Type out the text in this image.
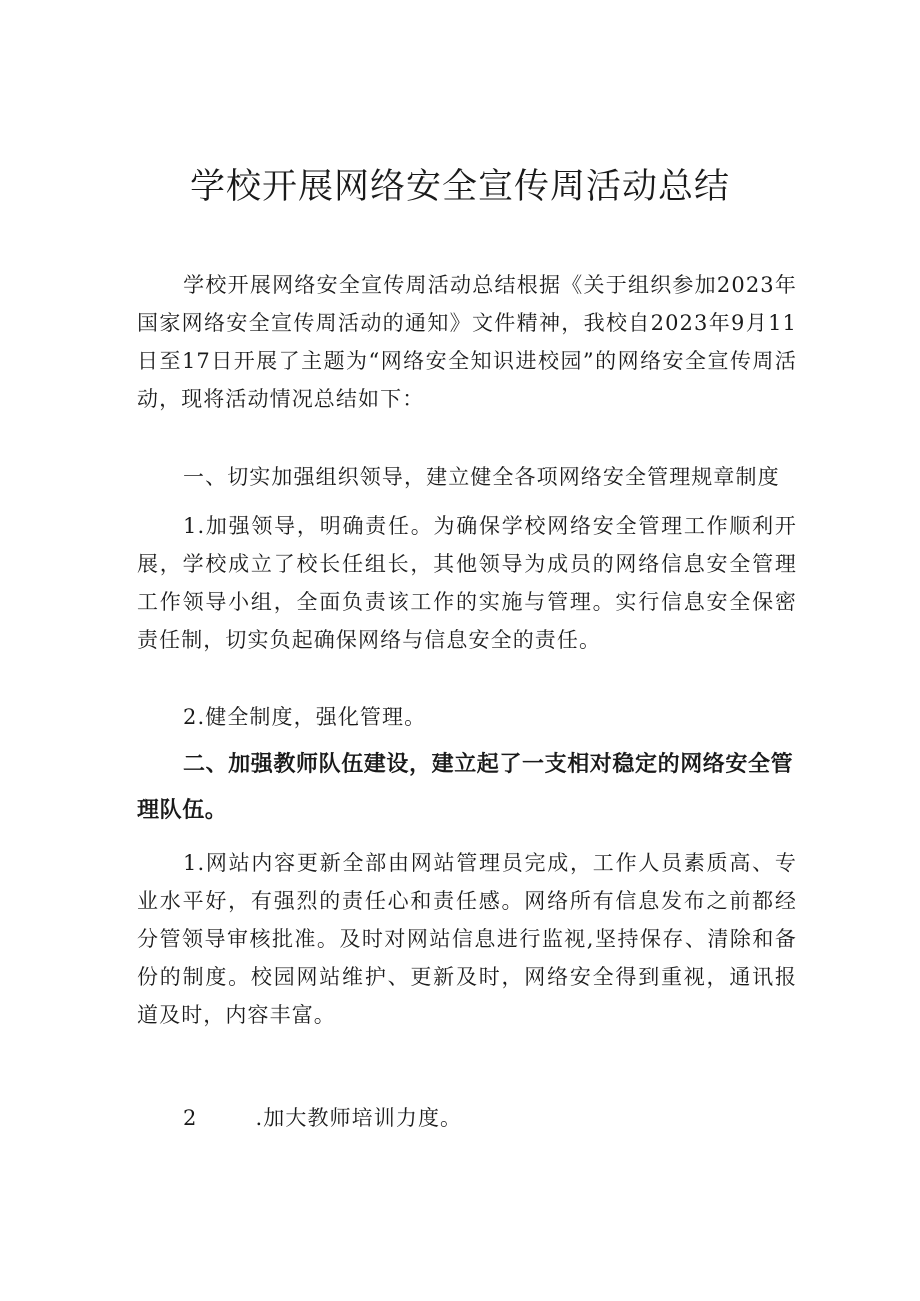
学校开展网络安全宣传周活动总结

学校开展网络安全宣传周活动总结根据《关于组织参加2023年国家网络安全宣传周活动的通知》文件精神，我校自2023年9月11日至17日开展了主题为“网络安全知识进校园”的网络安全宣传周活动，现将活动情况总结如下：

一、切实加强组织领导，建立健全各项网络安全管理规章制度

1.加强领导，明确责任。为确保学校网络安全管理工作顺利开展，学校成立了校长任组长，其他领导为成员的网络信息安全管理工作领导小组，全面负责该工作的实施与管理。实行信息安全保密责任制，切实负起确保网络与信息安全的责任。

2.健全制度，强化管理。

二、加强教师队伍建设，建立起了一支相对稳定的网络安全管理队伍。

1.网站内容更新全部由网站管理员完成，工作人员素质高、专业水平好，有强烈的责任心和责任感。网络所有信息发布之前都经分管领导审核批准。及时对网站信息进行监视,坚持保存、清除和备份的制度。校园网站维护、更新及时，网络安全得到重视，通讯报道及时，内容丰富。

2	.加大教师培训力度。
